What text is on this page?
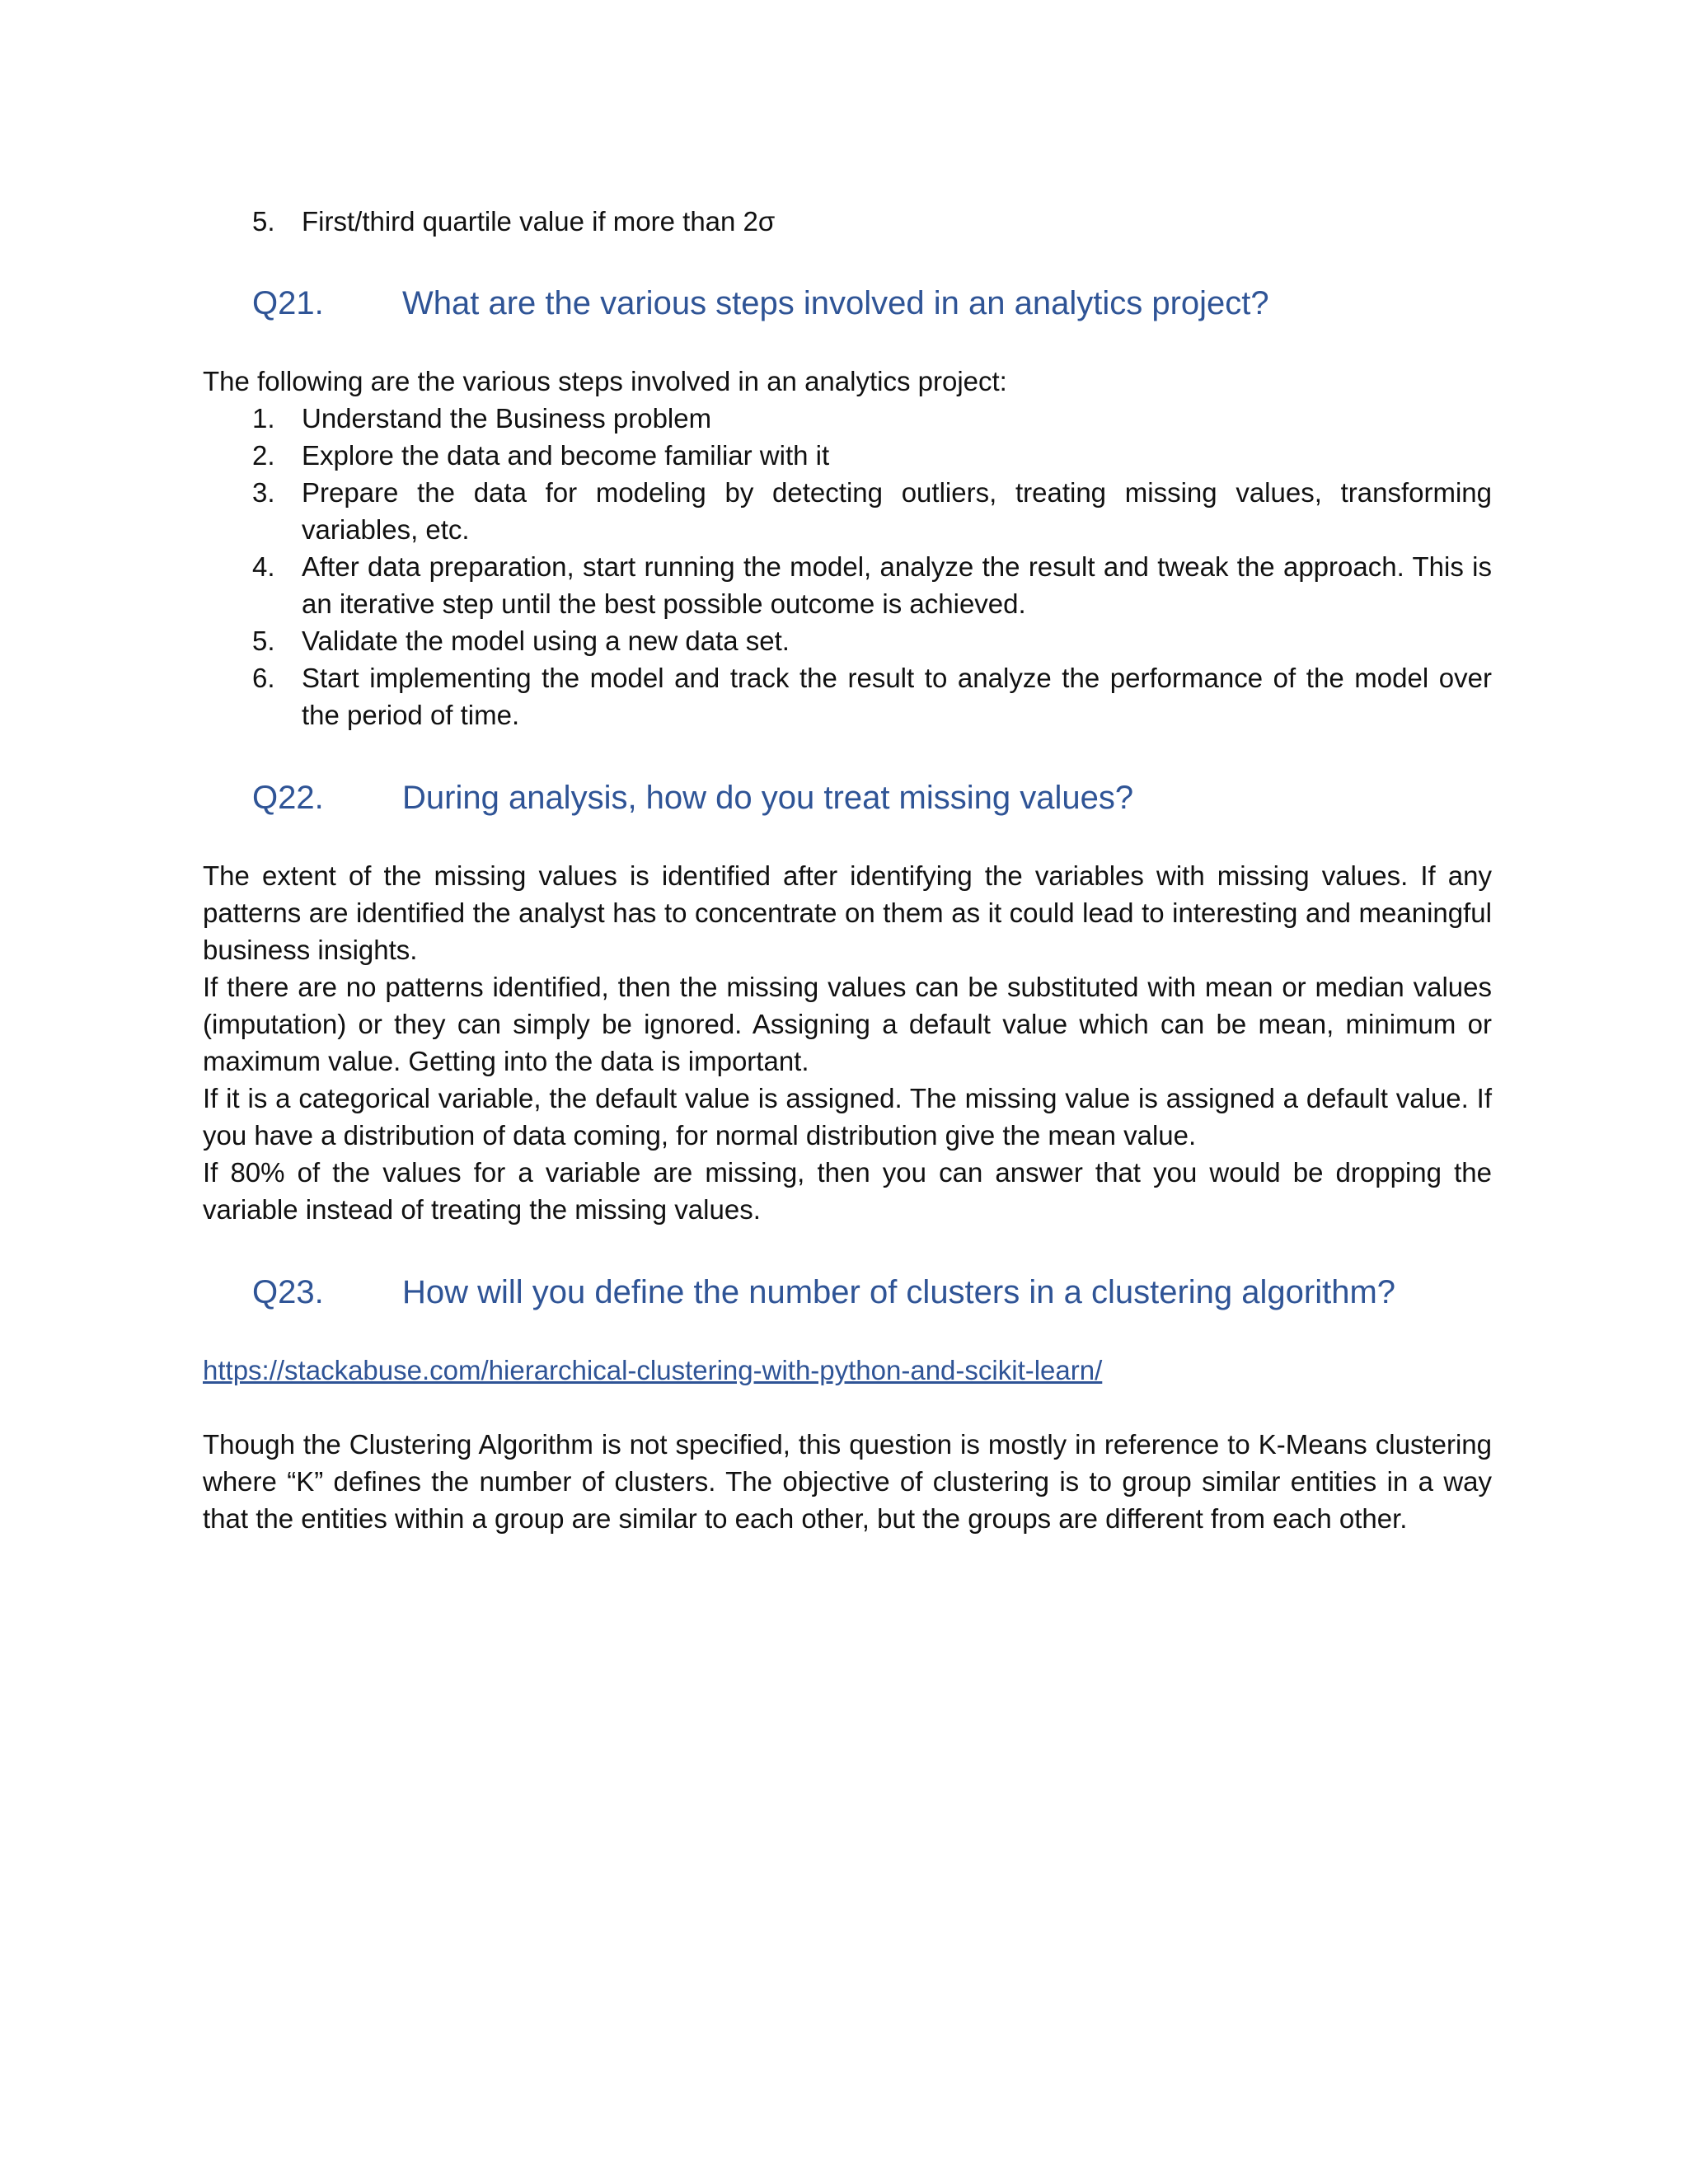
5. First/third quartile value if more than 2σ
Q21. What are the various steps involved in an analytics project?
The following are the various steps involved in an analytics project:
1. Understand the Business problem
2. Explore the data and become familiar with it
3. Prepare the data for modeling by detecting outliers, treating missing values, transforming variables, etc.
4. After data preparation, start running the model, analyze the result and tweak the approach. This is an iterative step until the best possible outcome is achieved.
5. Validate the model using a new data set.
6. Start implementing the model and track the result to analyze the performance of the model over the period of time.
Q22. During analysis, how do you treat missing values?

The extent of the missing values is identified after identifying the variables with missing values. If any patterns are identified the analyst has to concentrate on them as it could lead to interesting and meaningful business insights.

If there are no patterns identified, then the missing values can be substituted with mean or median values (imputation) or they can simply be ignored. Assigning a default value which can be mean, minimum or maximum value. Getting into the data is important.

If it is a categorical variable, the default value is assigned. The missing value is assigned a default value. If you have a distribution of data coming, for normal distribution give the mean value.

If 80% of the values for a variable are missing, then you can answer that you would be dropping the variable instead of treating the missing values.

Q23. How will you define the number of clusters in a clustering algorithm?
https://stackabuse.com/hierarchical-clustering-with-python-and-scikit-learn/
Though the Clustering Algorithm is not specified, this question is mostly in reference to K-Means clustering where “K” defines the number of clusters. The objective of clustering is to group similar entities in a way that the entities within a group are similar to each other, but the groups are different from each other.
